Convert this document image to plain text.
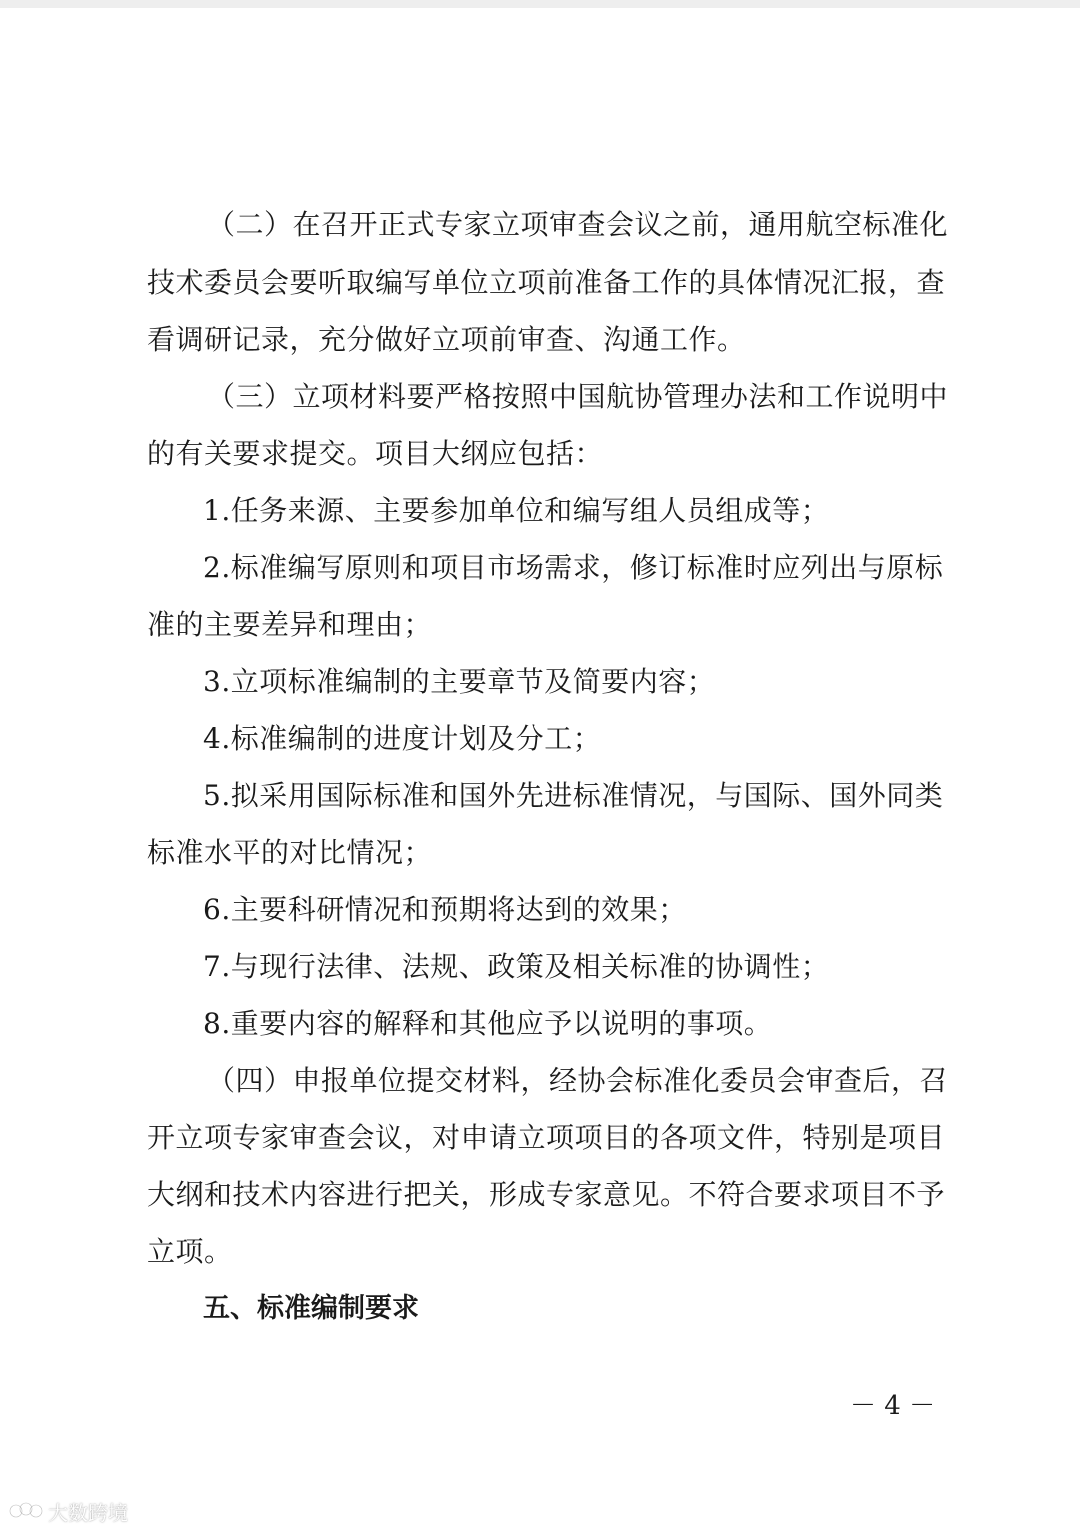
（二）在召开正式专家立项审查会议之前，通用航空标准化
技术委员会要听取编写单位立项前准备工作的具体情况汇报，查
看调研记录，充分做好立项前审查、沟通工作。
（三）立项材料要严格按照中国航协管理办法和工作说明中
的有关要求提交。项目大纲应包括：
1.任务来源、主要参加单位和编写组人员组成等；
2.标准编写原则和项目市场需求，修订标准时应列出与原标
准的主要差异和理由；
3.立项标准编制的主要章节及简要内容；
4.标准编制的进度计划及分工；
5.拟采用国际标准和国外先进标准情况，与国际、国外同类
标准水平的对比情况；
6.主要科研情况和预期将达到的效果；
7.与现行法律、法规、政策及相关标准的协调性；
8.重要内容的解释和其他应予以说明的事项。
（四）申报单位提交材料，经协会标准化委员会审查后，召
开立项专家审查会议，对申请立项项目的各项文件，特别是项目
大纲和技术内容进行把关，形成专家意见。不符合要求项目不予
立项。
五、标准编制要求
－ 4 －
大数跨境
